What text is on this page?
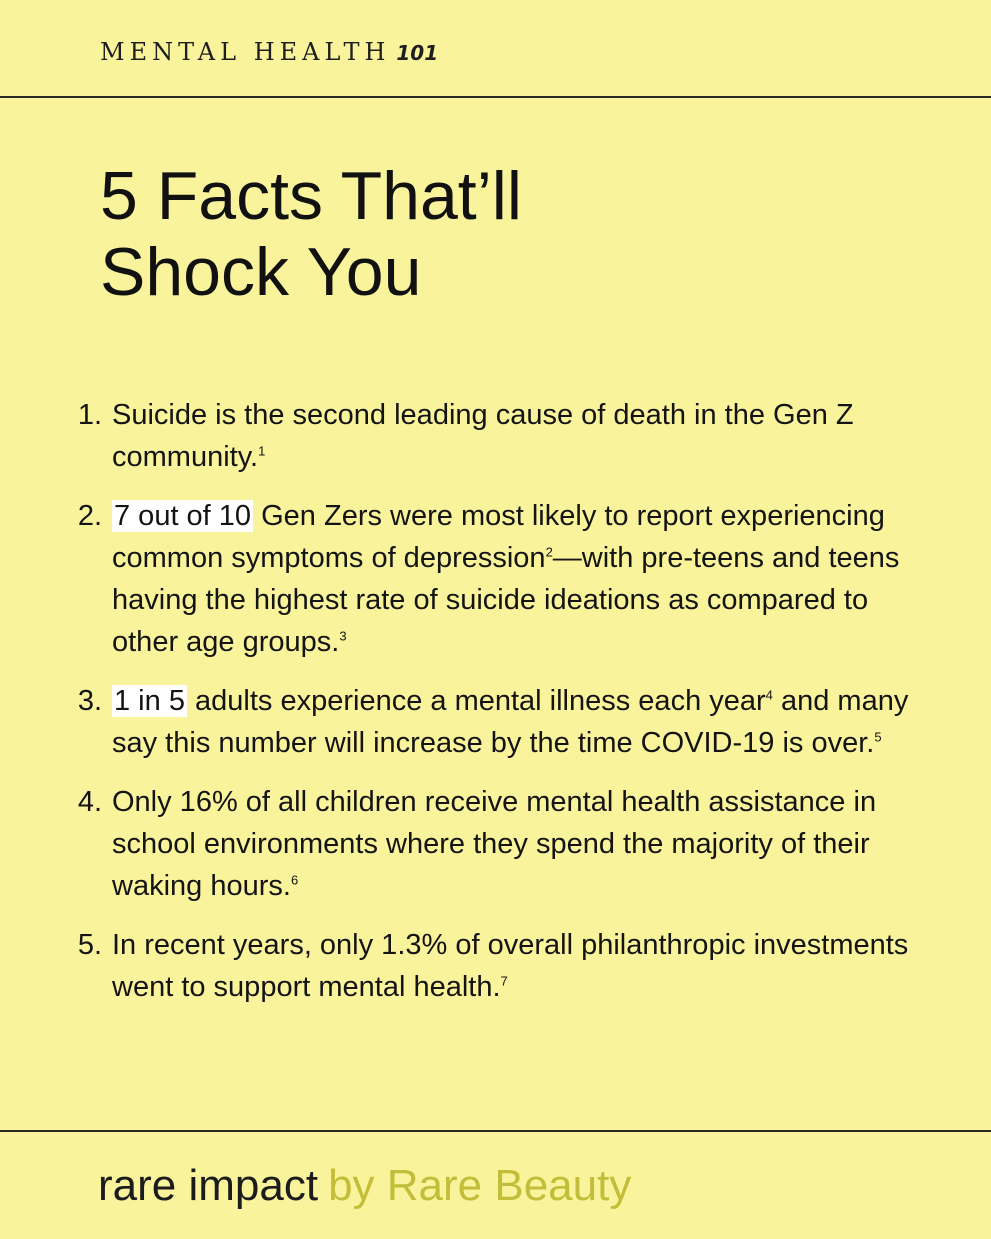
MENTAL HEALTH 101
5 Facts That’ll
Shock You
1. Suicide is the second leading cause of death in the Gen Z community.$^1$
2. 7 out of 10 Gen Zers were most likely to report experiencing common symptoms of depression$^2$—with pre-teens and teens having the highest rate of suicide ideations as compared to other age groups.$^3$
3. 1 in 5 adults experience a mental illness each year$^4$ and many say this number will increase by the time COVID-19 is over.$^5$
4. Only 16% of all children receive mental health assistance in school environments where they spend the majority of their waking hours.$^6$
5. In recent years, only 1.3% of overall philanthropic investments went to support mental health.$^7$
rare impact by Rare Beauty
